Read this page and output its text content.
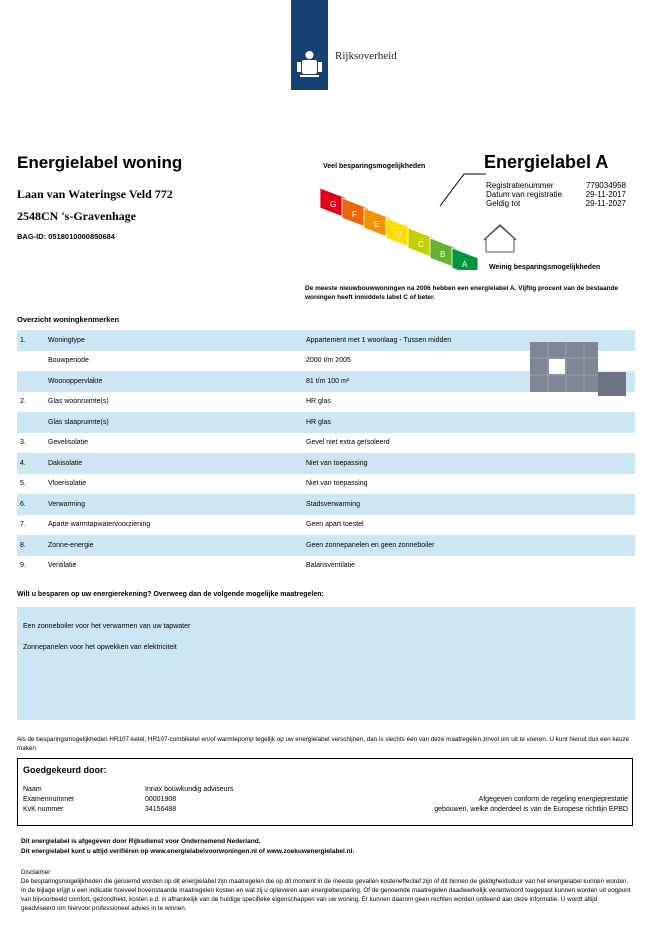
Rijksoverheid
Energielabel woning
Laan van Wateringse Veld 772
2548CN 's-Gravenhage
BAG-ID: 0518010000850684
Veel besparingsmogelijkheden
G
F
E
D
C
B
A	Weinig besparingsmogelijkheden
Energielabel A
Registratienummer	779034958
Datum van registratie	29-11-2017
Geldig tot	29-11-2027
De meeste nieuwbouwwoningen na 2006 hebben een energielabel A. Vijftig procent van de bestaande woningen heeft inmiddels label C of beter.
Overzicht woningkenmerken
1.	Woningtype	Appartement met 1 woonlaag - Tussen midden
	Bouwperiode	2000 t/m 2005
	Woonoppervlakte	81 t/m 100 m²
2.	Glas woonruimte(s)	HR glas
	Glas slaapruimte(s)	HR glas
3.	Gevelisolatie	Gevel niet extra geïsoleerd
4.	Dakisolatie	Niet van toepassing
5.	Vloerisolatie	Niet van toepassing
6.	Verwarming	Stadsverwarming
7.	Aparte warmtapwatervoorziening	Geen apart toestel
8.	Zonne-energie	Geen zonnepanelen en geen zonneboiler
9.	Ventilatie	Balansventilatie
Wilt u besparen op uw energierekening? Overweeg dan de volgende mogelijke maatregelen:

Een zonneboiler voor het verwarmen van uw tapwater

Zonnepanelen voor het opwekken van elektriciteit

Als de besparingsmogelijkheden HR107-ketel, HR107-combiketel en/of warmtepomp tegelijk op uw energielabel verschijnen, dan is slechts één van deze maatregelen zinvol om uit te voeren. U kunt hieruit dus een keuze maken.
Goedgekeurd door:
Naam	Innax bouwkundig adviseurs
Examennummer	00001908
KvK nummer	34156488
Afgegeven conform de regeling energieprestatie
gebouwen, welke onderdeel is van de Europese richtlijn EPBD
Dit energielabel is afgegeven door Rijksdienst voor Ondernemend Nederland.
Dit energielabel kunt u altijd verifiëren op www.energielabelvoorwoningen.nl of www.zoekuwenergielabel.nl.
Disclaimer
De besparingsmogelijkheden die genoemd worden op dit energielabel zijn maatregelen die op dit moment in de meeste gevallen kosteneffectief zijn of dit binnen de geldigheidsduur van het energielabel kunnen worden. In de bijlage krijgt u een indicatie hoeveel bovenstaande maatregelen kosten en wat zij u opleveren aan energiebesparing. Of de genoemde maatregelen daadwerkelijk verantwoord toegepast kunnen worden uit oogpunt van bijvoorbeeld comfort, gezondheid, kosten e.d. is afhankelijk van de huidige specifieke eigenschappen van uw woning. Er kunnen daarom geen rechten worden ontleend aan deze informatie. U wordt altijd geadviseerd om hiervoor professioneel advies in te winnen.
